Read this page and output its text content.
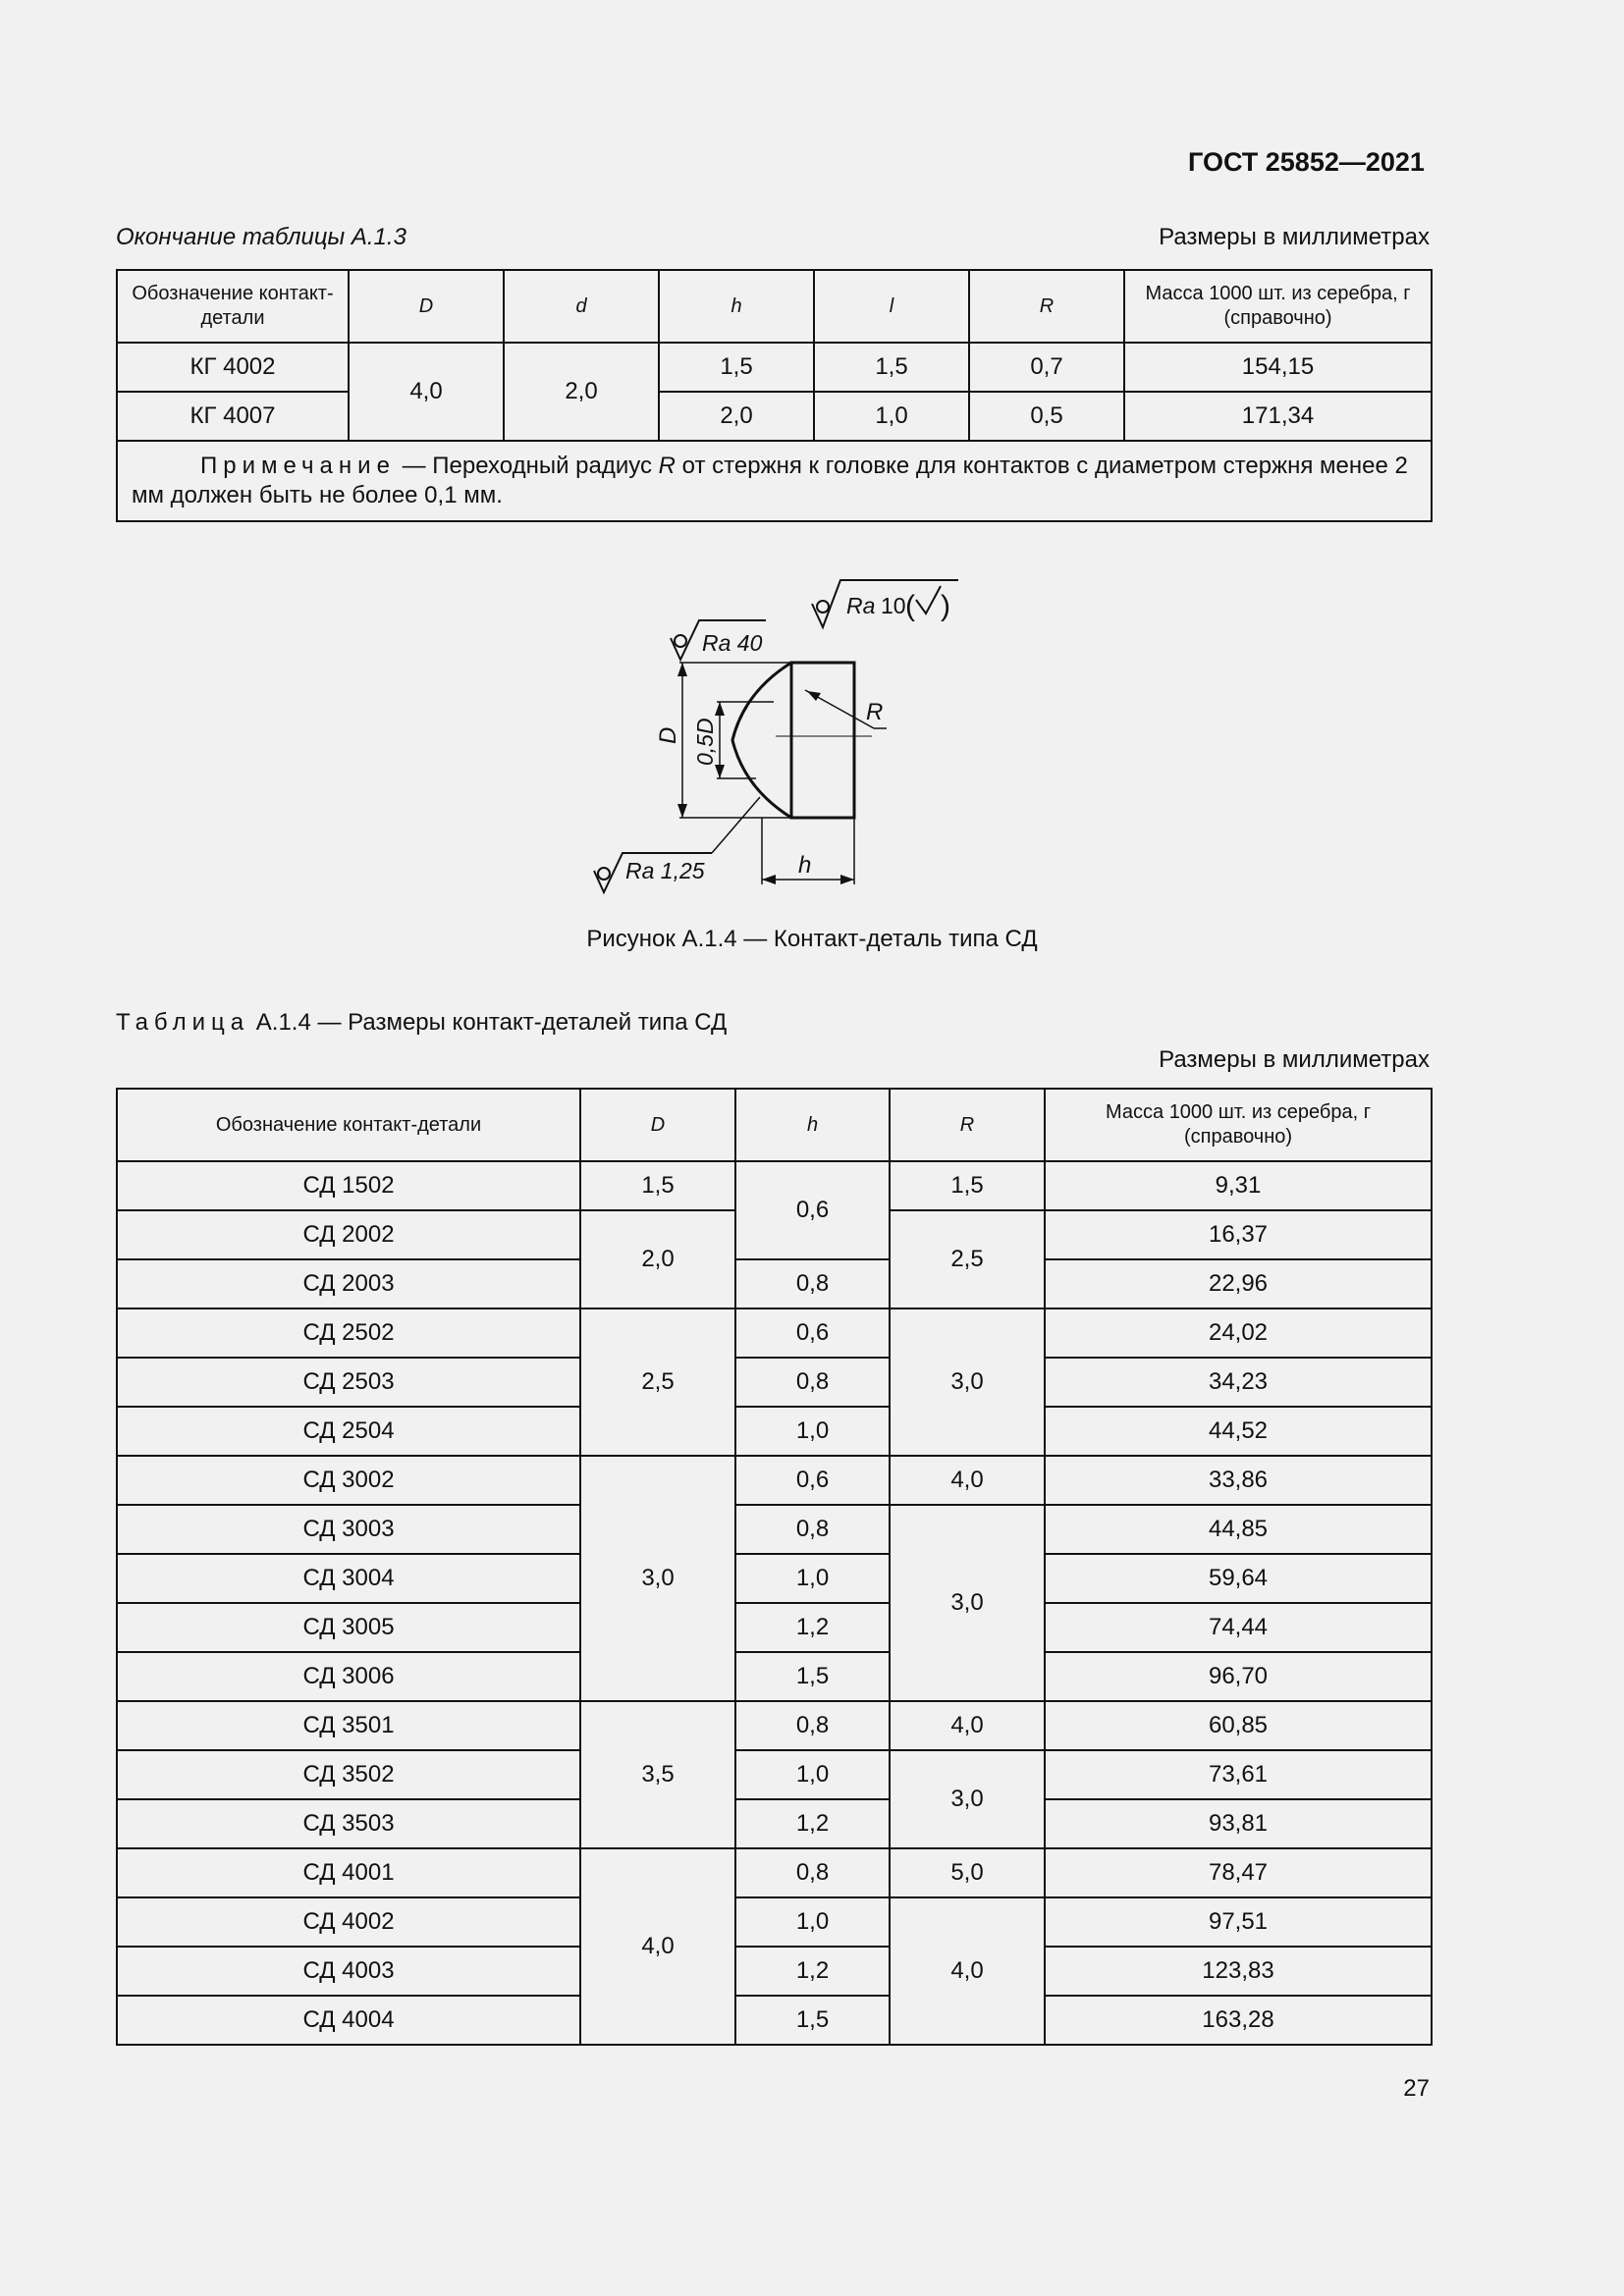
ГОСТ 25852—2021
Окончание таблицы А.1.3	Размеры в миллиметрах
Обозначение контакт-детали	D	d	h	l	R	Масса 1000 шт. из серебра, г (справочно)
КГ 4002	4,0	2,0	1,5	1,5	0,7	154,15
КГ 4007			2,0	1,0	0,5	171,34
Примечание — Переходный радиус R от стержня к головке для контактов с диаметром стержня менее 2 мм должен быть не более 0,1 мм.						
Ra 10 ( )
Ra 40
Ra 1,25
D 0,5D
R
h
Рисунок А.1.4 — Контакт-деталь типа СД
Таблица А.1.4 — Размеры контакт-деталей типа СД
Размеры в миллиметрах
Обозначение контакт-детали	D	h	R	Масса 1000 шт. из серебра, г (справочно)
СД 1502	1,5	0,6	1,5	9,31
СД 2002	2,0		2,5	16,37
СД 2003		0,8		22,96
СД 2502	2,5	0,6	3,0	24,02
СД 2503		0,8		34,23
СД 2504		1,0		44,52
СД 3002	3,0	0,6	4,0	33,86
СД 3003		0,8	3,0	44,85
СД 3004		1,0		59,64
СД 3005		1,2		74,44
СД 3006		1,5		96,70
СД 3501	3,5	0,8	4,0	60,85
СД 3502		1,0	3,0	73,61
СД 3503		1,2		93,81
СД 4001	4,0	0,8	5,0	78,47
СД 4002		1,0	4,0	97,51
СД 4003		1,2		123,83
СД 4004		1,5		163,28
27
